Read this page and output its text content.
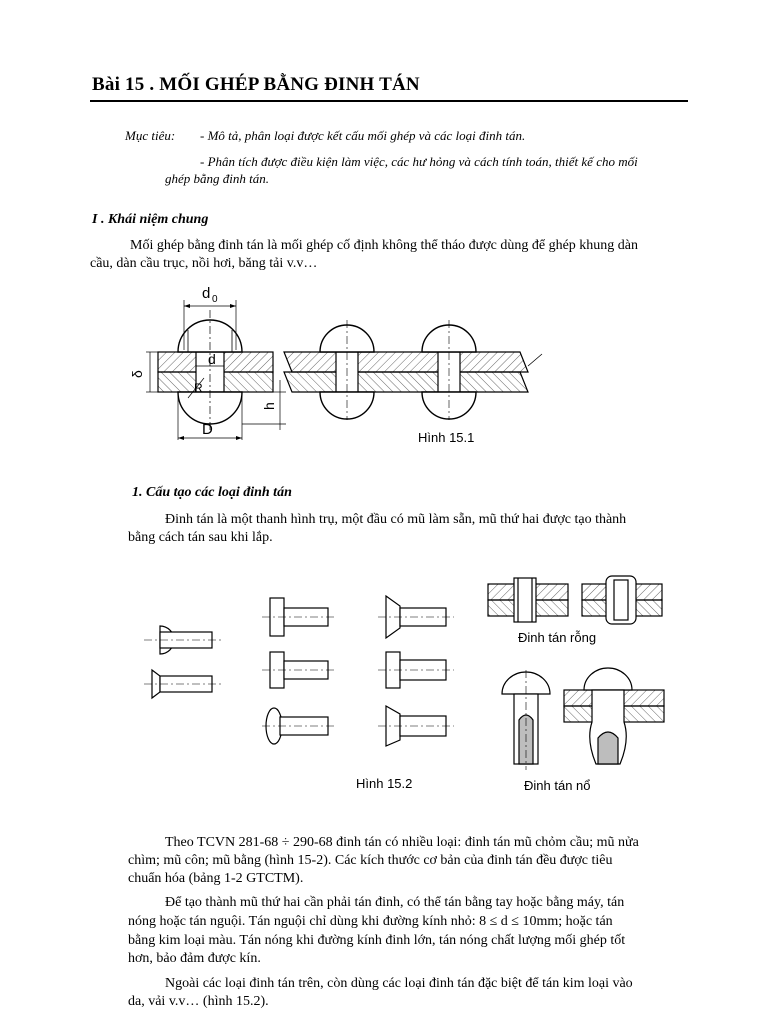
Bài 15 . MỐI GHÉP BẰNG ĐINH TÁN
Mục tiêu: - Mô tả, phân loại được kết cấu mối ghép và các loại đinh tán.
- Phân tích được điều kiện làm việc, các hư hỏng và cách tính toán, thiết kế cho mối
ghép bằng đinh tán.
I . Khái niệm chung
Mối ghép bằng đinh tán là mối ghép cố định không thể tháo được dùng để ghép khung dàn
cầu, dàn cầu trục, nồi hơi, băng tải v.v…
d 0
d
δ
R
h
D	Hình 15.1
1. Cấu tạo các loại đinh tán
Đinh tán là một thanh hình trụ, một đầu có mũ làm sẵn, mũ thứ hai được tạo thành
bằng cách tán sau khi lắp.
Đinh tán rỗng
Hình 15.2	Đinh tán nổ
Theo TCVN 281-68 ÷ 290-68 đinh tán có nhiều loại: đinh tán mũ chỏm cầu; mũ nửa
chìm; mũ côn; mũ bằng (hình 15-2). Các kích thước cơ bản của đinh tán đều được tiêu
chuẩn hóa (bảng 1-2 GTCTM).
Để tạo thành mũ thứ hai cần phải tán đinh, có thể tán bằng tay hoặc bằng máy, tán
nóng hoặc tán nguội. Tán nguội chỉ dùng khi đường kính nhỏ: 8 ≤ d ≤ 10mm; hoặc tán
bằng kim loại màu. Tán nóng khi đường kính đinh lớn, tán nóng chất lượng mối ghép tốt
hơn, bảo đảm được kín.
Ngoài các loại đinh tán trên, còn dùng các loại đinh tán đặc biệt để tán kim loại vào
da, vải v.v… (hình 15.2).
